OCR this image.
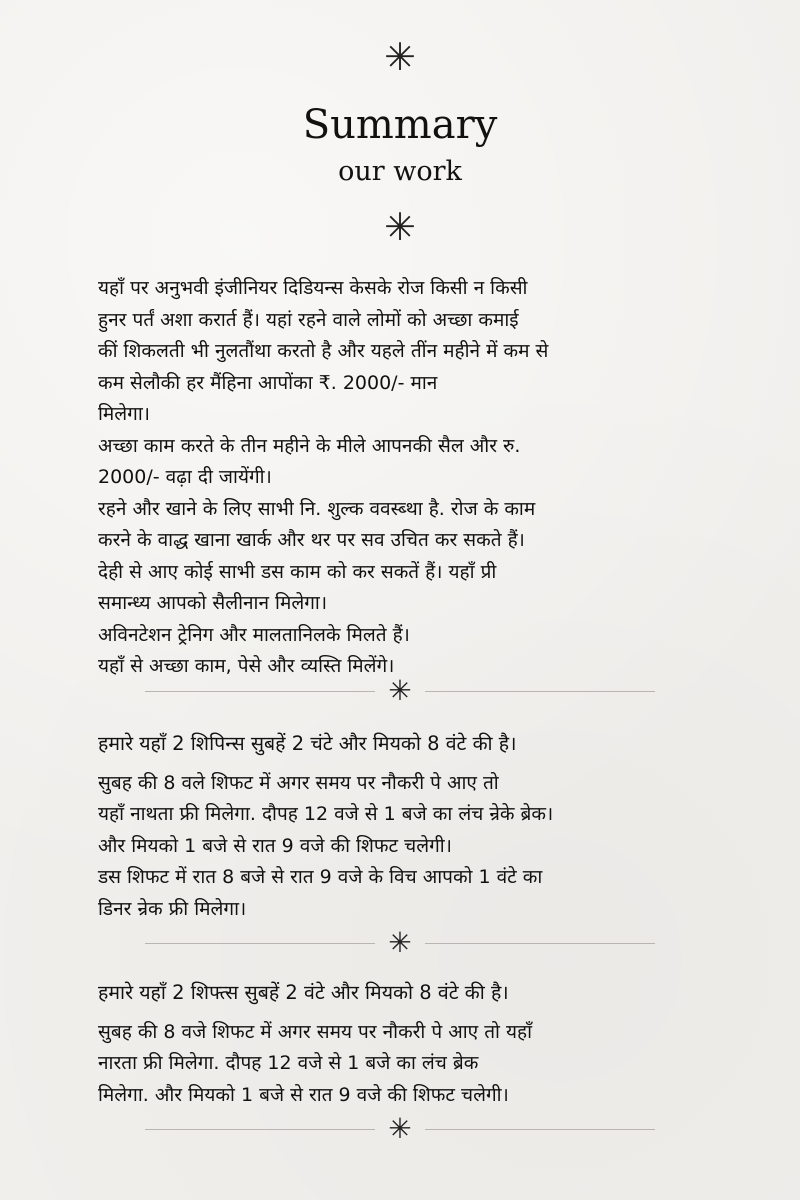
✳
Summary
our work
✳

यहाँ पर अनुभवी इंजीनियर दिडियन्स केसके रोज किसी न किसी

हुनर पर्तं अशा करार्त हैं। यहां रहने वाले लोमों को अच्छा कमाई

कीं शिकलती भी नुलतौंथा करतो है और यहले तींन महीने में कम से

कम सेलौकी हर मैंहिना आपोंका ₹. 2000/- मान

मिलेगा।

अच्छा काम करते के तीन महीने के मीले आपनकी सैल और रु.

2000/- वढ़ा दी जायेंगी।

रहने और खाने के लिए साभी नि. शुल्क ववस्ब्था है. रोज के काम

करने के वाद्ध खाना खार्क और थर पर सव उचित कर सकते हैं।

देही से आए कोई साभी डस काम को कर सकतें हैं। यहाँ प्री

समान्ध्य आपको सैलीनान मिलेगा।

अविनटेशन ट्रेनिग और मालतानिलके मिलते हैं।

यहाँ से अच्छा काम, पेसे और व्यस्ति मिलेंगे।

✳

हमारे यहाँ 2 शिपिन्स सुबहें 2 चंटे और मियको 8 वंटे की है।

सुबह की 8 वले शिफट में अगर समय पर नौकरी पे आए तो

यहाँ नाथता फ्री मिलेगा. दौपह 12 वजे से 1 बजे का लंच न्रेके ब्रेक।

और मियको 1 बजे से रात 9 वजे की शिफट चलेगी।

डस शिफट में रात 8 बजे से रात 9 वजे के विच आपको 1 वंटे का

डिनर न्रेक फ्री मिलेगा।

✳

हमारे यहाँ 2 शिफ्त्स सुबहें 2 वंटे और मियको 8 वंटे की है।

सुबह की 8 वजे शिफट में अगर समय पर नौकरी पे आए तो यहाँ

नारता फ्री मिलेगा. दौपह 12 वजे से 1 बजे का लंच ब्रेक

मिलेगा. और मियको 1 बजे से रात 9 वजे की शिफट चलेगी।

✳
